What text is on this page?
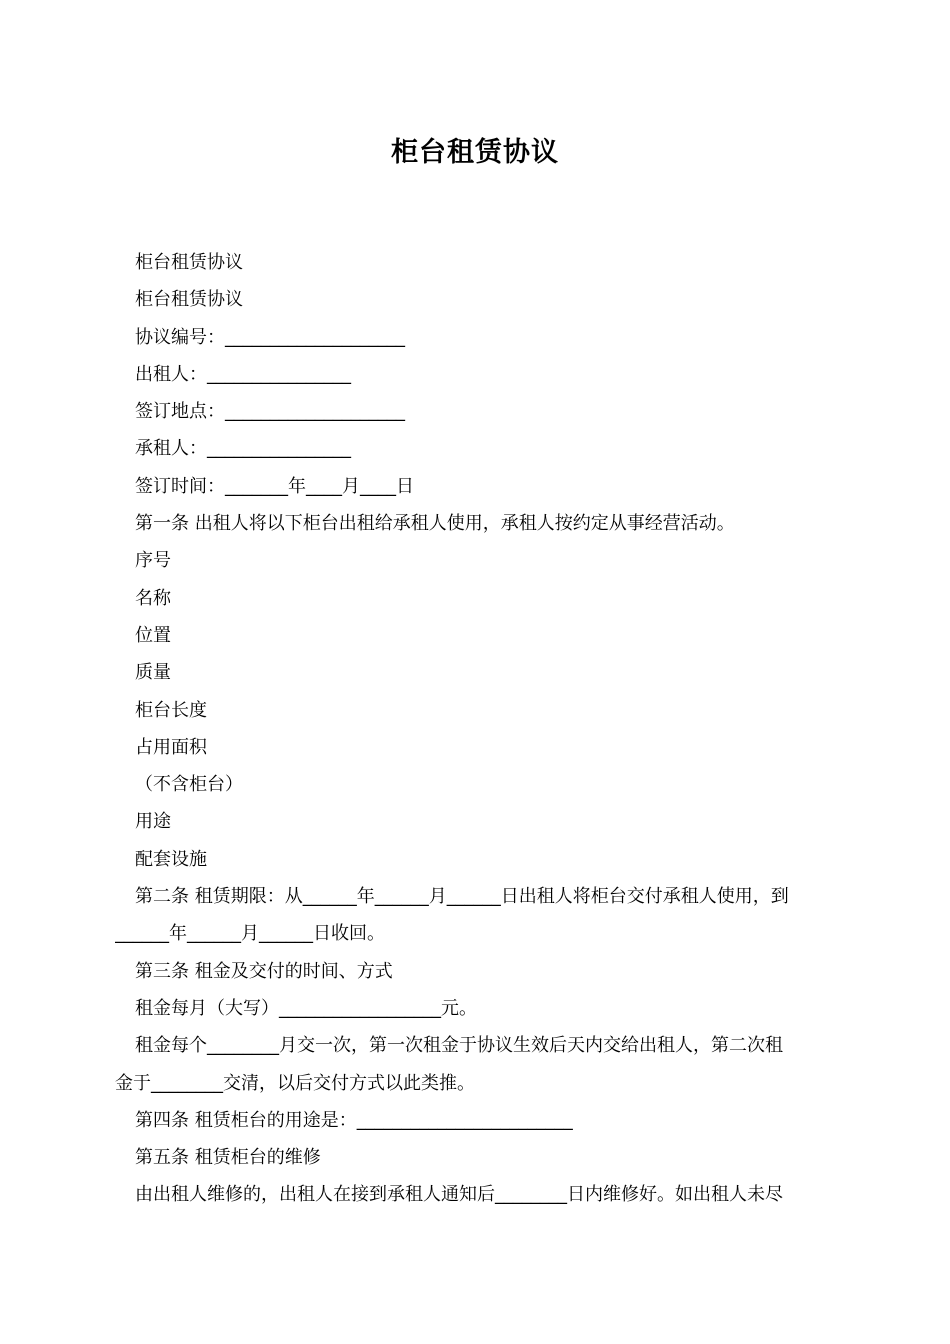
柜台租赁协议
柜台租赁协议
柜台租赁协议
协议编号：____________________
出租人：________________
签订地点：____________________
承租人：________________
签订时间：_______年____月____日
第一条 出租人将以下柜台出租给承租人使用，承租人按约定从事经营活动。
序号
名称
位置
质量
柜台长度
占用面积
（不含柜台）
用途
配套设施
第二条 租赁期限：从______年______月______日出租人将柜台交付承租人使用，到
______年______月______日收回。
第三条 租金及交付的时间、方式
租金每月（大写）__________________元。
租金每个________月交一次，第一次租金于协议生效后天内交给出租人，第二次租
金于________交清，以后交付方式以此类推。
第四条 租赁柜台的用途是：________________________
第五条 租赁柜台的维修
由出租人维修的，出租人在接到承租人通知后________日内维修好。如出租人未尽
